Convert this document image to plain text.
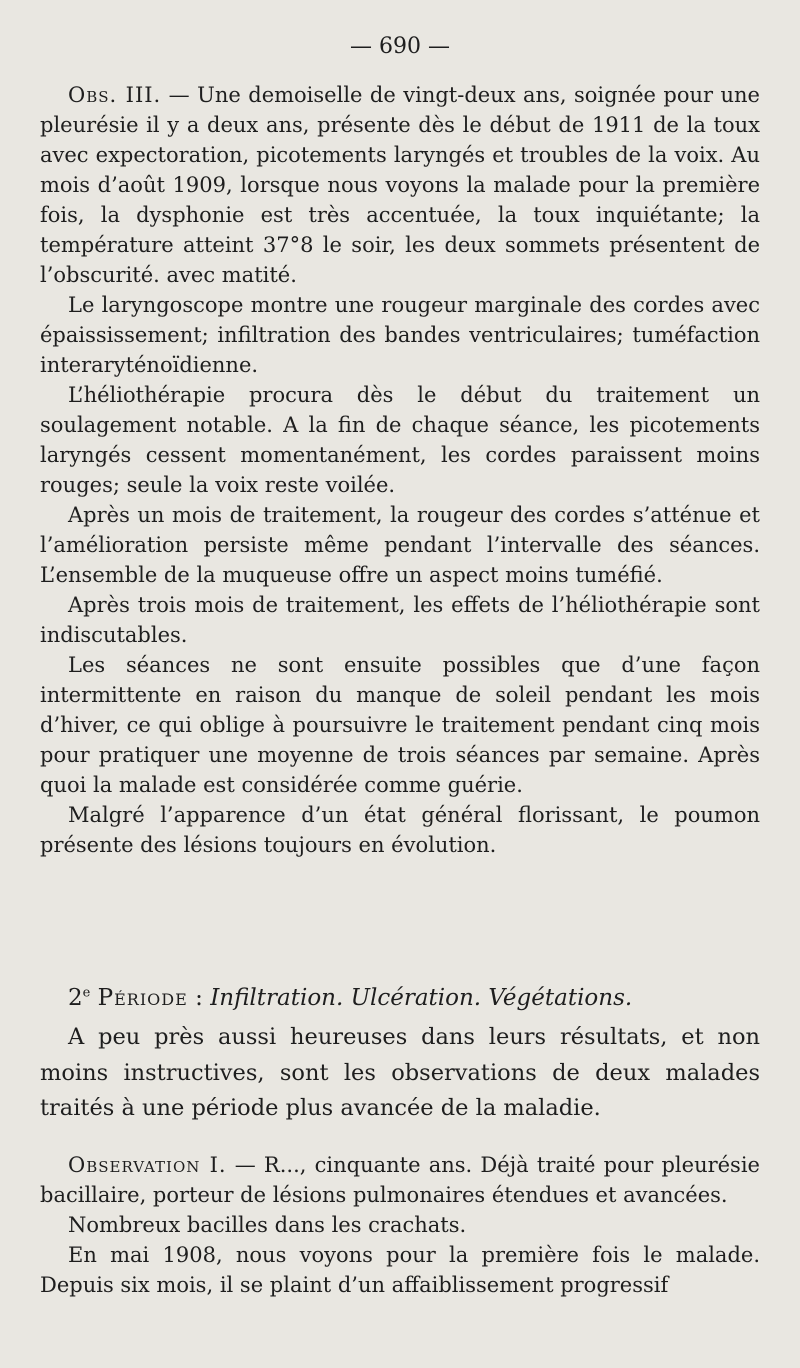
— 690 —

Obs. III. — Une demoiselle de vingt-deux ans, soignée pour une pleurésie il y a deux ans, présente dès le début de 1911 de la toux avec expectoration, picotements laryngés et troubles de la voix. Au mois d’août 1909, lorsque nous voyons la malade pour la première fois, la dysphonie est très accentuée, la toux inquiétante; la température atteint 37°8 le soir, les deux sommets présentent de l’obscurité. avec matité.

Le laryngoscope montre une rougeur marginale des cordes avec épaississement; infiltration des bandes ventriculaires; tuméfaction interaryténoïdienne.

L’héliothérapie procura dès le début du traitement un soulagement notable. A la fin de chaque séance, les picotements laryngés cessent momentanément, les cordes paraissent moins rouges; seule la voix reste voilée.

Après un mois de traitement, la rougeur des cordes s’atténue et l’amélioration persiste même pendant l’intervalle des séances. L’ensemble de la muqueuse offre un aspect moins tuméfié.

Après trois mois de traitement, les effets de l’héliothérapie sont indiscutables.

Les séances ne sont ensuite possibles que d’une façon intermittente en raison du manque de soleil pendant les mois d’hiver, ce qui oblige à poursuivre le traitement pendant cinq mois pour pratiquer une moyenne de trois séances par semaine. Après quoi la malade est considérée comme guérie.

Malgré l’apparence d’un état général florissant, le poumon présente des lésions toujours en évolution.

2e Période : Infiltration. Ulcération. Végétations.

A peu près aussi heureuses dans leurs résultats, et non moins instructives, sont les observations de deux malades traités à une période plus avancée de la maladie.

Observation I. — R..., cinquante ans. Déjà traité pour pleurésie bacillaire, porteur de lésions pulmonaires étendues et avancées.

Nombreux bacilles dans les crachats.

En mai 1908, nous voyons pour la première fois le malade. Depuis six mois, il se plaint d’un affaiblissement progressif
